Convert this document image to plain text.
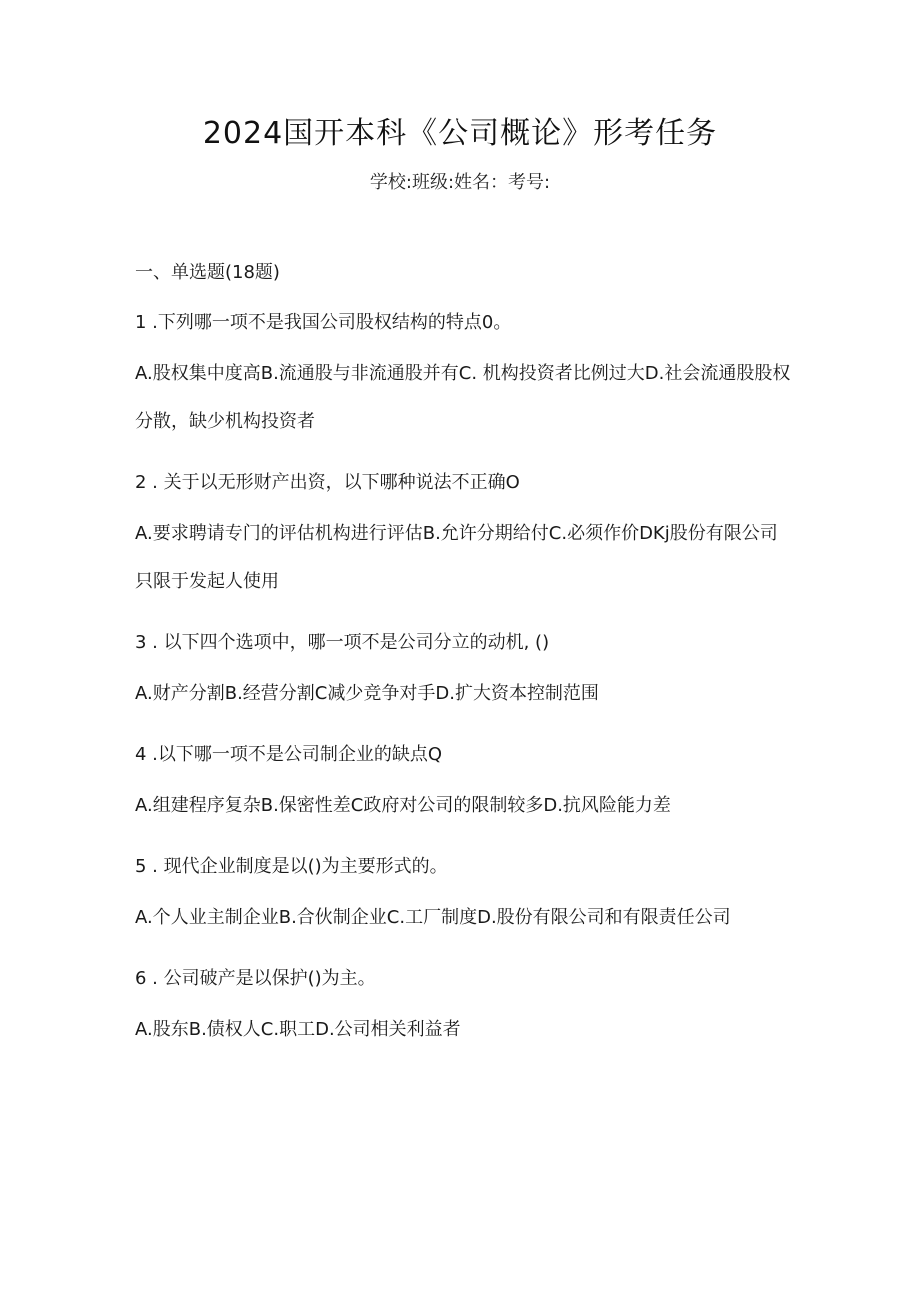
2024国开本科《公司概论》形考任务
学校:班级:姓名：考号:
一、单选题(18题)
1 .下列哪一项不是我国公司股权结构的特点0。
A.股权集中度高B.流通股与非流通股并有C. 机构投资者比例过大D.社会流通股股权分散，缺少机构投资者
2 . 关于以无形财产出资，以下哪种说法不正确O
A.要求聘请专门的评估机构进行评估B.允许分期给付C.必须作价DKj股份有限公司只限于发起人使用
3 . 以下四个选项中，哪一项不是公司分立的动机, ()
A.财产分割B.经营分割C减少竞争对手D.扩大资本控制范围
4 .以下哪一项不是公司制企业的缺点Q
A.组建程序复杂B.保密性差C政府对公司的限制较多D.抗风险能力差
5 . 现代企业制度是以()为主要形式的。
A.个人业主制企业B.合伙制企业C.工厂制度D.股份有限公司和有限责任公司
6 . 公司破产是以保护()为主。
A.股东B.债权人C.职工D.公司相关利益者
